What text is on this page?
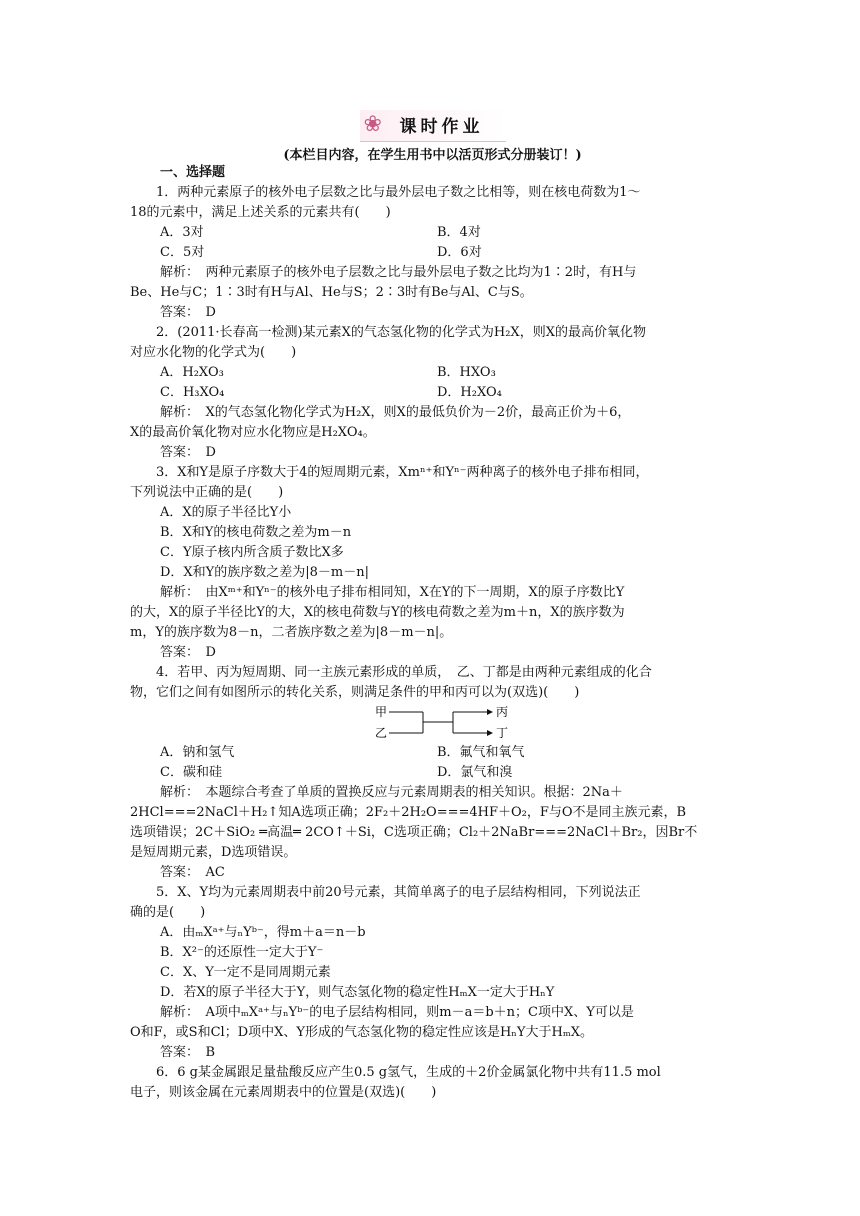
❀ 课时作业
(本栏目内容，在学生用书中以活页形式分册装订！)
一、选择题
1．两种元素原子的核外电子层数之比与最外层电子数之比相等，则在核电荷数为1～
18的元素中，满足上述关系的元素共有(　　)
A．3对	B．4对
C．5对	D．6对
解析：　两种元素原子的核外电子层数之比与最外层电子数之比均为1∶2时，有H与
Be、He与C；1∶3时有H与Al、He与S；2∶3时有Be与Al、C与S。
答案：　D
2．(2011·长春高一检测)某元素X的气态氢化物的化学式为H₂X，则X的最高价氧化物
对应水化物的化学式为(　　)
A．H₂XO₃	B．HXO₃
C．H₃XO₄	D．H₂XO₄
解析：　X的气态氢化物化学式为H₂X，则X的最低负价为－2价，最高正价为＋6，
X的最高价氧化物对应水化物应是H₂XO₄。
答案：　D
3．X和Y是原子序数大于4的短周期元素，Xmⁿ⁺和Yⁿ⁻两种离子的核外电子排布相同，
下列说法中正确的是(　　)
A．X的原子半径比Y小
B．X和Y的核电荷数之差为m－n
C．Y原子核内所含质子数比X多
D．X和Y的族序数之差为|8－m－n|
解析：　由Xᵐ⁺和Yⁿ⁻的核外电子排布相同知，X在Y的下一周期，X的原子序数比Y
的大，X的原子半径比Y的大，X的核电荷数与Y的核电荷数之差为m＋n，X的族序数为
m，Y的族序数为8－n，二者族序数之差为|8－m－n|。
答案：　D
4．若甲、丙为短周期、同一主族元素形成的单质，　乙、丁都是由两种元素组成的化合
物，它们之间有如图所示的转化关系，则满足条件的甲和丙可以为(双选)(　　)
甲
乙
丙
丁
A．钠和氢气	B．氟气和氧气
C．碳和硅	D．氯气和溴
解析：　本题综合考查了单质的置换反应与元素周期表的相关知识。根据：2Na＋
2HCl===2NaCl＋H₂↑知A选项正确；2F₂＋2H₂O===4HF＋O₂，F与O不是同主族元素，B
选项错误；2C＋SiO₂ ═高温═ 2CO↑＋Si，C选项正确；Cl₂＋2NaBr===2NaCl＋Br₂，因Br不
是短周期元素，D选项错误。
答案：　AC
5．X、Y均为元素周期表中前20号元素，其简单离子的电子层结构相同，下列说法正
确的是(　　)
A．由ₘXᵃ⁺与ₙYᵇ⁻，得m＋a＝n－b
B．X²⁻的还原性一定大于Y⁻
C．X、Y一定不是同周期元素
D．若X的原子半径大于Y，则气态氢化物的稳定性HₘX一定大于HₙY
解析：　A项中ₘXᵃ⁺与ₙYᵇ⁻的电子层结构相同，则m－a＝b＋n；C项中X、Y可以是
O和F，或S和Cl；D项中X、Y形成的气态氢化物的稳定性应该是HₙY大于HₘX。
答案：　B
6．6 g某金属跟足量盐酸反应产生0.5 g氢气，生成的＋2价金属氯化物中共有11.5 mol
电子，则该金属在元素周期表中的位置是(双选)(　　)
